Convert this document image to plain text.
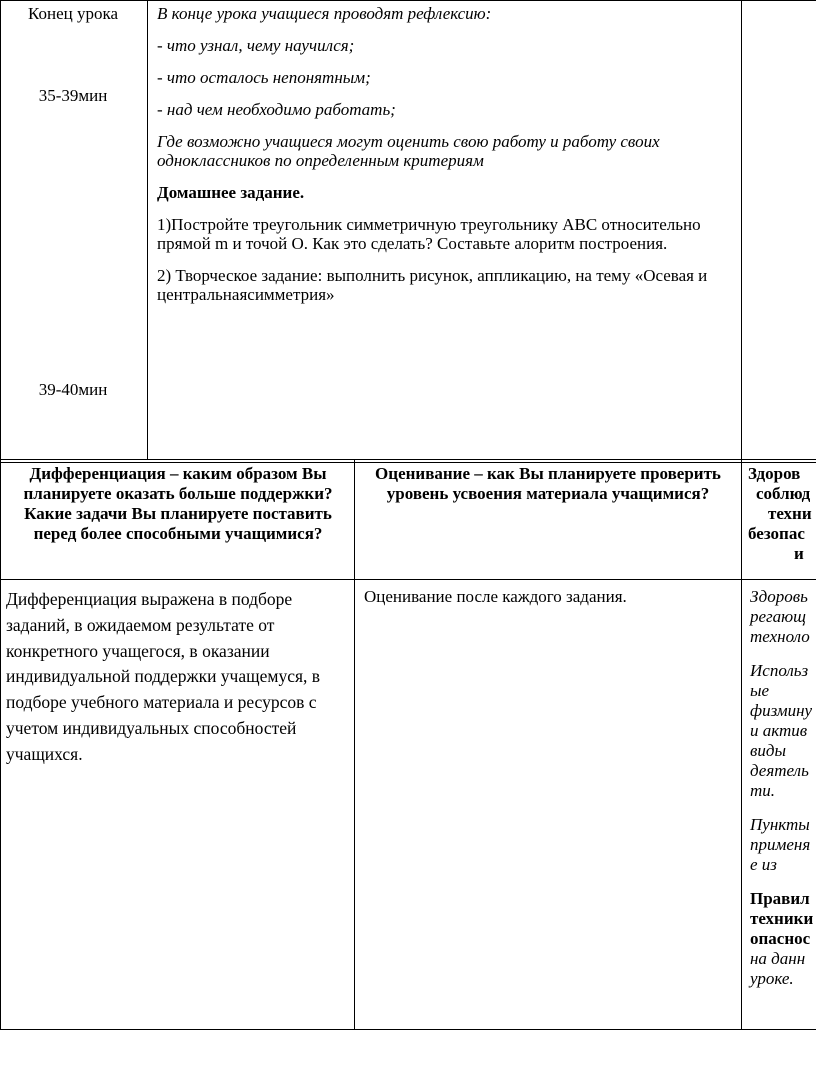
Конец урока
35-39мин
39-40мин

В конце урока учащиеся проводят рефлексию:

- что узнал, чему научился;

- что осталось непонятным;

- над чем необходимо работать;

Где возможно учащиеся могут оценить свою работу и работу своих одноклассников по определенным критериям

Домашнее задание.

1)Постройте треугольник симметричную треугольнику ABC относительно прямой m и точой О. Как это сделать? Составьте алоритм построения.

2) Творческое задание: выполнить рисунок, аппликацию, на тему «Осевая и центральнаясимметрия»

Дифференциация – каким образом Вы планируете оказать больше поддержки? Какие задачи Вы планируете поставить перед более способными учащимися?
Оценивание – как Вы планируете проверить уровень усвоения материала учащимися?
Здоров
соблюд
техни
безопас
и
Дифференциация выражена в подборе заданий, в ожидаемом результате от конкретного учащегося, в оказании индивидуальной поддержки учащемуся, в подборе учебного материала и ресурсов с учетом индивидуальных способностей учащихся.
Оценивание после каждого задания.	Здоровь
регающ
техноло

Использ
ые
физмину
и актив
виды
деятель
ти.

Пункты
применя
е из

Правил
техники
опаснос
на данн
уроке.
